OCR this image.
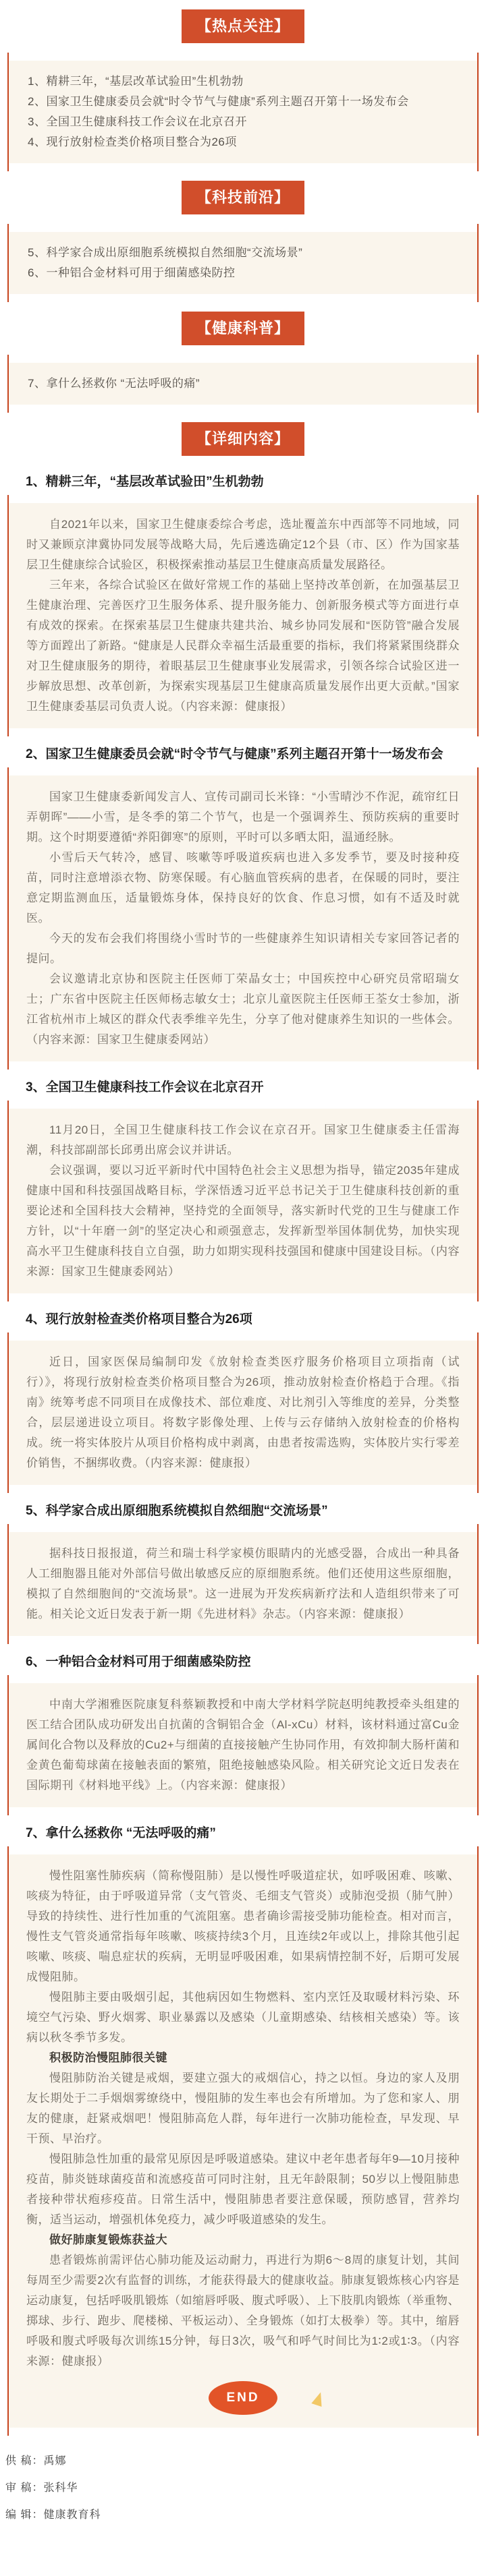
【热点关注】
1、精耕三年，“基层改革试验田”生机勃勃
2、国家卫生健康委员会就“时令节气与健康”系列主题召开第十一场发布会
3、全国卫生健康科技工作会议在北京召开
4、现行放射检查类价格项目整合为26项
【科技前沿】
5、科学家合成出原细胞系统模拟自然细胞“交流场景”
6、一种铝合金材料可用于细菌感染防控
【健康科普】
7、拿什么拯救你 “无法呼吸的痛”
【详细内容】
1、精耕三年，“基层改革试验田”生机勃勃

自2021年以来，国家卫生健康委综合考虑，选址覆盖东中西部等不同地域，同时又兼顾京津冀协同发展等战略大局，先后遴选确定12个县（市、区）作为国家基层卫生健康综合试验区，积极探索推动基层卫生健康高质量发展路径。

三年来，各综合试验区在做好常规工作的基础上坚持改革创新，在加强基层卫生健康治理、完善医疗卫生服务体系、提升服务能力、创新服务模式等方面进行卓有成效的探索。在探索基层卫生健康共建共治、城乡协同发展和“医防管”融合发展等方面蹚出了新路。“健康是人民群众幸福生活最重要的指标，我们将紧紧围绕群众对卫生健康服务的期待，着眼基层卫生健康事业发展需求，引领各综合试验区进一步解放思想、改革创新，为探索实现基层卫生健康高质量发展作出更大贡献。”国家卫生健康委基层司负责人说。（内容来源：健康报）

2、国家卫生健康委员会就“时令节气与健康”系列主题召开第十一场发布会

国家卫生健康委新闻发言人、宣传司副司长米锋：“小雪晴沙不作泥，疏帘红日弄朝晖”——小雪，是冬季的第二个节气，也是一个强调养生、预防疾病的重要时期。这个时期要遵循“养阳御寒”的原则，平时可以多晒太阳，温通经脉。

小雪后天气转冷，感冒、咳嗽等呼吸道疾病也进入多发季节，要及时接种疫苗，同时注意增添衣物、防寒保暖。有心脑血管疾病的患者，在保暖的同时，要注意定期监测血压，适量锻炼身体，保持良好的饮食、作息习惯，如有不适及时就医。

今天的发布会我们将围绕小雪时节的一些健康养生知识请相关专家回答记者的提问。

会议邀请北京协和医院主任医师丁荣晶女士；中国疾控中心研究员常昭瑞女士；广东省中医院主任医师杨志敏女士；北京儿童医院主任医师王荃女士参加，浙江省杭州市上城区的群众代表季维辛先生，分享了他对健康养生知识的一些体会。（内容来源：国家卫生健康委网站）

3、全国卫生健康科技工作会议在北京召开

11月20日，全国卫生健康科技工作会议在京召开。国家卫生健康委主任雷海潮，科技部副部长邱勇出席会议并讲话。

会议强调，要以习近平新时代中国特色社会主义思想为指导，锚定2035年建成健康中国和科技强国战略目标，学深悟透习近平总书记关于卫生健康科技创新的重要论述和全国科技大会精神，坚持党的全面领导，落实新时代党的卫生与健康工作方针，以“十年磨一剑”的坚定决心和顽强意志，发挥新型举国体制优势，加快实现高水平卫生健康科技自立自强，助力如期实现科技强国和健康中国建设目标。（内容来源：国家卫生健康委网站）

4、现行放射检查类价格项目整合为26项

近日，国家医保局编制印发《放射检查类医疗服务价格项目立项指南（试行）》，将现行放射检查类价格项目整合为26项，推动放射检查价格趋于合理。《指南》统筹考虑不同项目在成像技术、部位难度、对比剂引入等维度的差异，分类整合，层层递进设立项目。将数字影像处理、上传与云存储纳入放射检查的价格构成。统一将实体胶片从项目价格构成中剥离，由患者按需选购，实体胶片实行零差价销售，不捆绑收费。（内容来源：健康报）

5、科学家合成出原细胞系统模拟自然细胞“交流场景”

据科技日报报道，荷兰和瑞士科学家模仿眼睛内的光感受器，合成出一种具备人工细胞器且能对外部信号做出敏感反应的原细胞系统。他们还使用这些原细胞，模拟了自然细胞间的“交流场景”。这一进展为开发疾病新疗法和人造组织带来了可能。相关论文近日发表于新一期《先进材料》杂志。（内容来源：健康报）

6、一种铝合金材料可用于细菌感染防控

中南大学湘雅医院康复科蔡颖教授和中南大学材料学院赵明纯教授牵头组建的医工结合团队成功研发出自抗菌的含铜铝合金（Al-xCu）材料，该材料通过富Cu金属间化合物以及释放的Cu2+与细菌的直接接触产生协同作用，有效抑制大肠杆菌和金黄色葡萄球菌在接触表面的繁殖，阻绝接触感染风险。相关研究论文近日发表在国际期刊《材料地平线》上。（内容来源：健康报）

7、拿什么拯救你 “无法呼吸的痛”

慢性阻塞性肺疾病（简称慢阻肺）是以慢性呼吸道症状，如呼吸困难、咳嗽、咳痰为特征，由于呼吸道异常（支气管炎、毛细支气管炎）或肺泡受损（肺气肿）导致的持续性、进行性加重的气流阻塞。患者确诊需接受肺功能检查。相对而言，慢性支气管炎通常指每年咳嗽、咳痰持续3个月，且连续2年或以上，排除其他引起咳嗽、咳痰、喘息症状的疾病，无明显呼吸困难，如果病情控制不好，后期可发展成慢阻肺。

慢阻肺主要由吸烟引起，其他病因如生物燃料、室内烹饪及取暖材料污染、环境空气污染、野火烟雾、职业暴露以及感染（儿童期感染、结核相关感染）等。该病以秋冬季节多发。

积极防治慢阻肺很关键

慢阻肺防治关键是戒烟，要建立强大的戒烟信心，持之以恒。身边的家人及朋友长期处于二手烟烟雾缭绕中，慢阻肺的发生率也会有所增加。为了您和家人、朋友的健康，赶紧戒烟吧！慢阻肺高危人群，每年进行一次肺功能检查，早发现、早干预、早治疗。

慢阻肺急性加重的最常见原因是呼吸道感染。建议中老年患者每年9—10月接种疫苗，肺炎链球菌疫苗和流感疫苗可同时注射，且无年龄限制；50岁以上慢阻肺患者接种带状疱疹疫苗。日常生活中，慢阻肺患者要注意保暖，预防感冒，营养均衡，适当运动，增强机体免疫力，减少呼吸道感染的发生。

做好肺康复锻炼获益大

患者锻炼前需评估心肺功能及运动耐力，再进行为期6～8周的康复计划，其间每周至少需要2次有监督的训练，才能获得最大的健康收益。肺康复锻炼核心内容是运动康复，包括呼吸肌锻炼（如缩唇呼吸、腹式呼吸）、上下肢肌肉锻炼（举重物、掷球、步行、跑步、爬楼梯、平板运动）、全身锻炼（如打太极拳）等。其中，缩唇呼吸和腹式呼吸每次训练15分钟，每日3次，吸气和呼气时间比为1∶2或1∶3。（内容来源：健康报）

END
供 稿：禹娜
审 稿：张科华
编 辑：健康教育科
